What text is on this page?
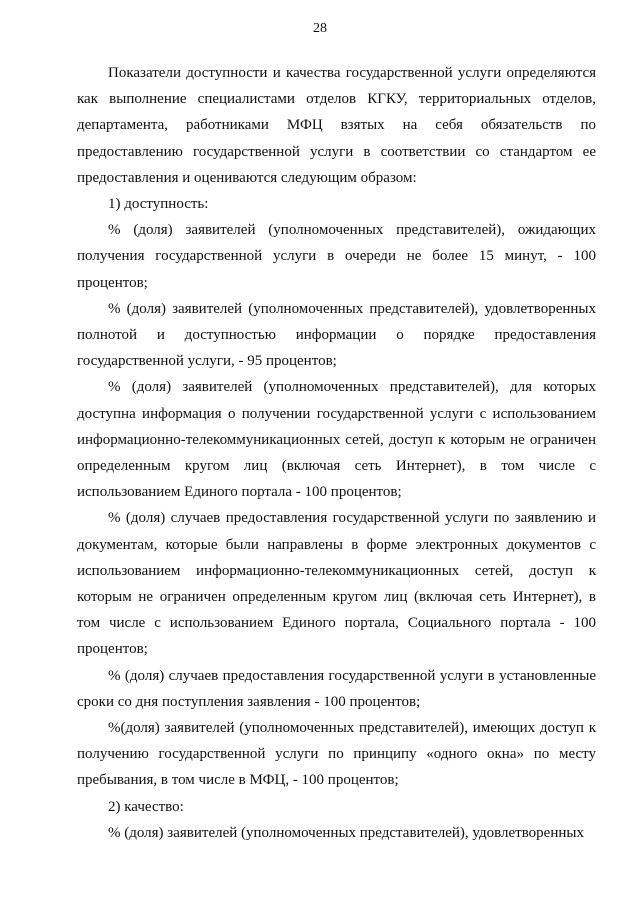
28

Показатели доступности и качества государственной услуги определяются как выполнение специалистами отделов КГКУ, территориальных отделов, департамента, работниками МФЦ взятых на себя обязательств по предоставлению государственной услуги в соответствии со стандартом ее предоставления и оцениваются следующим образом:

1) доступность:

% (доля) заявителей (уполномоченных представителей), ожидающих получения государственной услуги в очереди не более 15 минут, - 100 процентов;

% (доля) заявителей (уполномоченных представителей), удовлетворенных полнотой и доступностью информации о порядке предоставления государственной услуги, - 95 процентов;

% (доля) заявителей (уполномоченных представителей), для которых доступна информация о получении государственной услуги с использованием информационно-телекоммуникационных сетей, доступ к которым не ограничен определенным кругом лиц (включая сеть Интернет), в том числе с использованием Единого портала - 100 процентов;

% (доля) случаев предоставления государственной услуги по заявлению и документам, которые были направлены в форме электронных документов с использованием информационно-телекоммуникационных сетей, доступ к которым не ограничен определенным кругом лиц (включая сеть Интернет), в том числе с использованием Единого портала, Социального портала - 100 процентов;

% (доля) случаев предоставления государственной услуги в установленные сроки со дня поступления заявления - 100 процентов;

%(доля) заявителей (уполномоченных представителей), имеющих доступ к получению государственной услуги по принципу «одного окна» по месту пребывания, в том числе в МФЦ, - 100 процентов;

2) качество:

% (доля) заявителей (уполномоченных представителей), удовлетворенных
